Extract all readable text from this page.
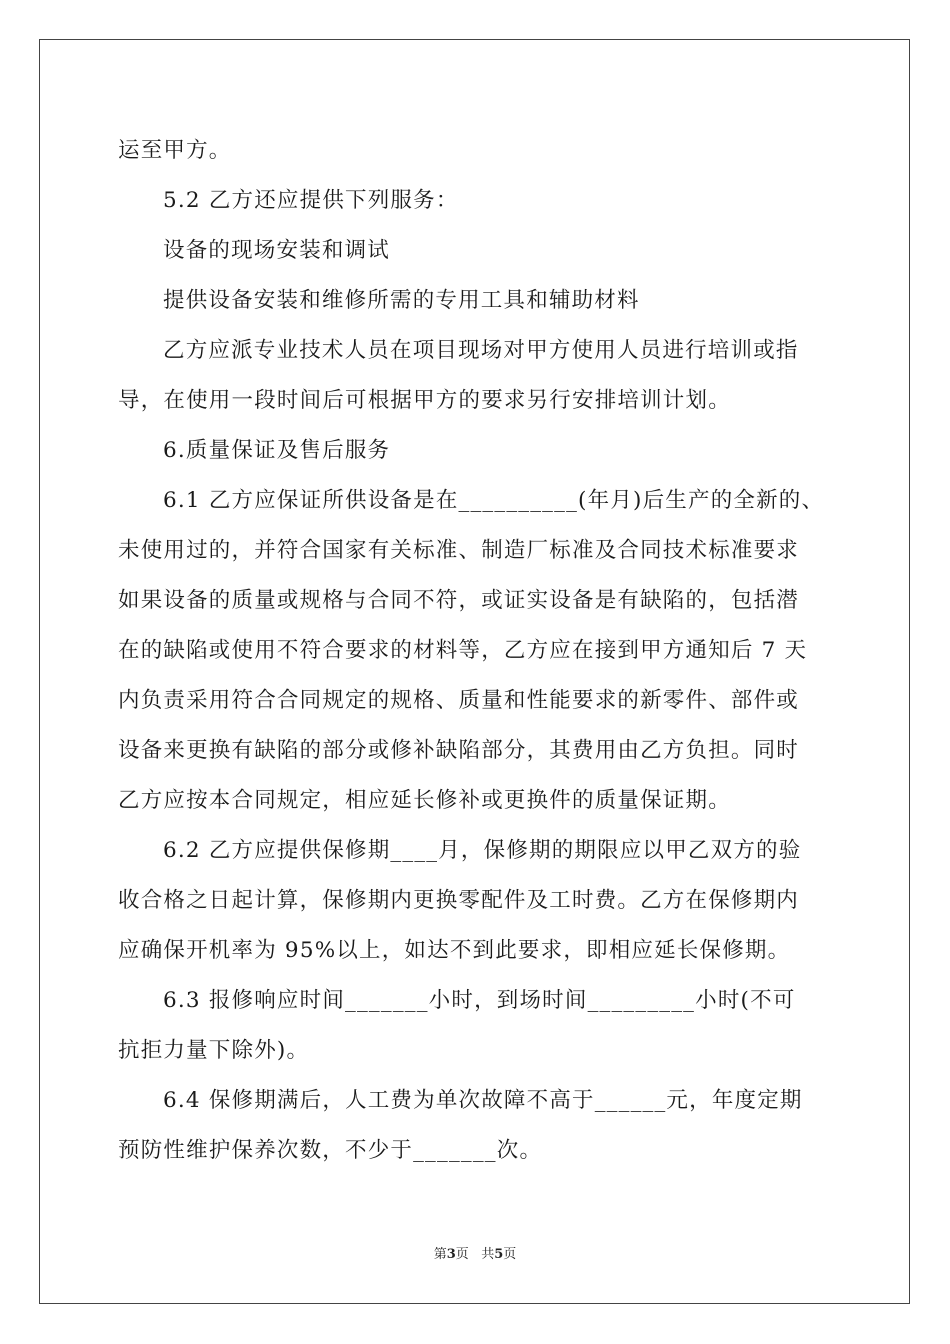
运至甲方。
5.2 乙方还应提供下列服务：
设备的现场安装和调试
提供设备安装和维修所需的专用工具和辅助材料
乙方应派专业技术人员在项目现场对甲方使用人员进行培训或指
导，在使用一段时间后可根据甲方的要求另行安排培训计划。
6.质量保证及售后服务
6.1 乙方应保证所供设备是在__________(年月)后生产的全新的、
未使用过的，并符合国家有关标准、制造厂标准及合同技术标准要求
如果设备的质量或规格与合同不符，或证实设备是有缺陷的，包括潜
在的缺陷或使用不符合要求的材料等，乙方应在接到甲方通知后 7 天
内负责采用符合合同规定的规格、质量和性能要求的新零件、部件或
设备来更换有缺陷的部分或修补缺陷部分，其费用由乙方负担。同时
乙方应按本合同规定，相应延长修补或更换件的质量保证期。
6.2 乙方应提供保修期____月，保修期的期限应以甲乙双方的验
收合格之日起计算，保修期内更换零配件及工时费。乙方在保修期内
应确保开机率为 95%以上，如达不到此要求，即相应延长保修期。
6.3 报修响应时间_______小时，到场时间_________小时(不可
抗拒力量下除外)。
6.4 保修期满后，人工费为单次故障不高于______元，年度定期
预防性维护保养次数，不少于_______次。
第3页   共5页
